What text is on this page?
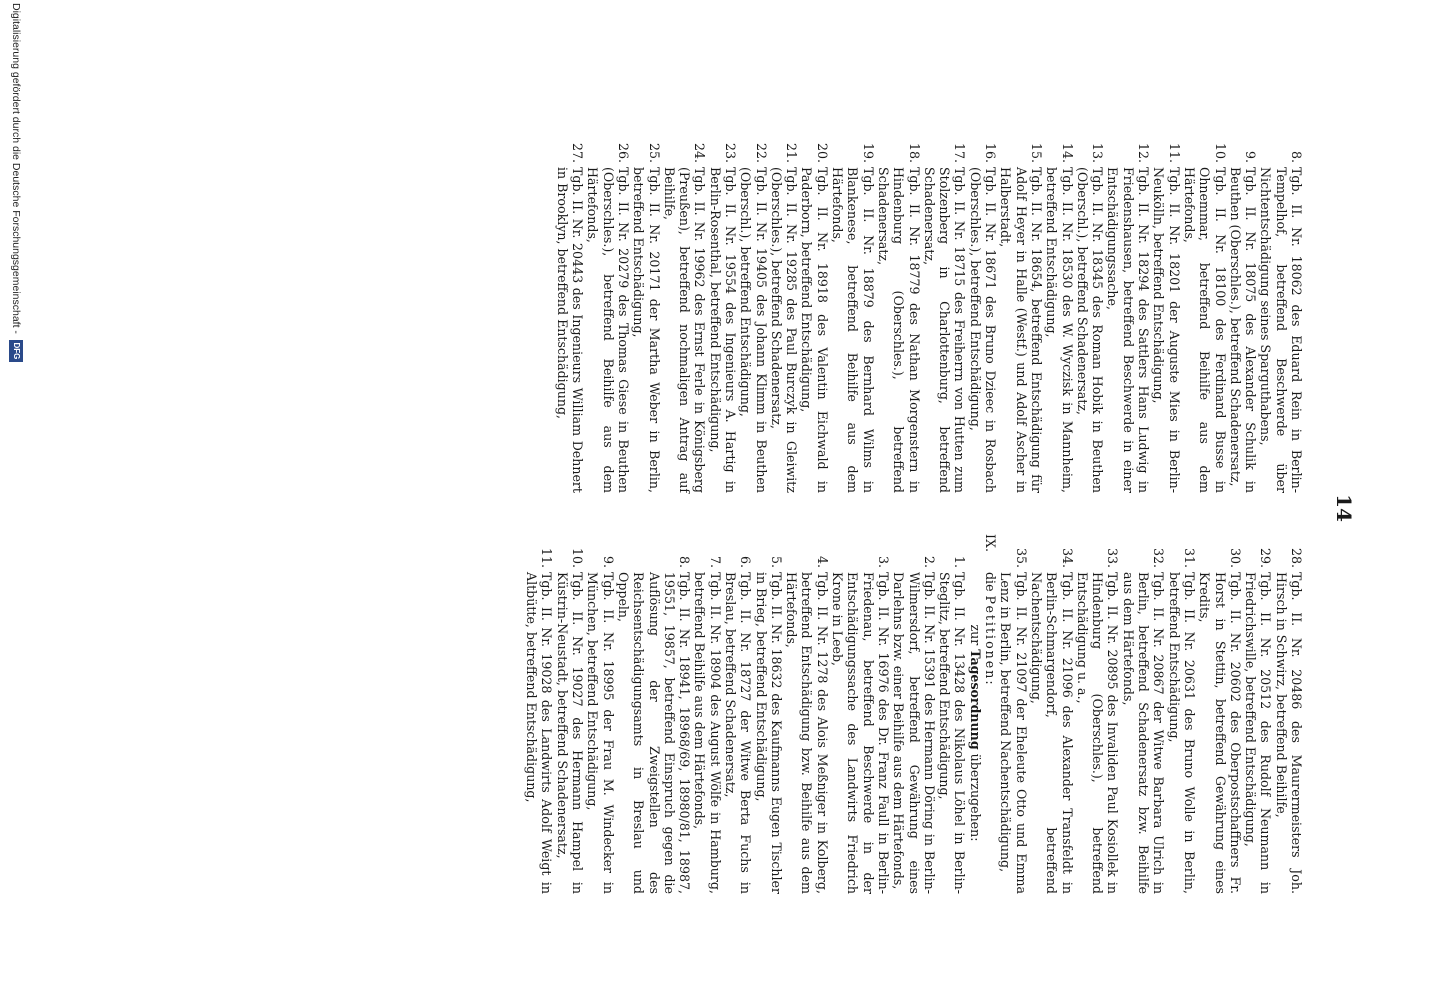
14

8.
Tgb. II. Nr. 18062 des Eduard Rein in Berlin-Tempelhof, betreffend Beschwerde über Nichtentschädigung seines Sparguthabens,

9.
Tgb. II. Nr. 18075 des Alexander Schulik in Beuthen (Oberschles.), betreffend Schadenersatz,

10.
Tgb. II. Nr. 18100 des Ferdinand Busse in Ohnemmar, betreffend Beihilfe aus dem Härtefonds,

11.
Tgb. II. Nr. 18201 der Auguste Mies in Berlin-Neukölln, betreffend Entschädigung,

12.
Tgb. II. Nr. 18294 des Sattlers Hans Ludwig in Friedenshausen, betreffend Beschwerde in einer Entschädigungssache,

13.
Tgb. II. Nr. 18345 des Roman Hobik in Beuthen (Oberschl.), betreffend Schadenersatz,

14.
Tgb. II. Nr. 18530 des W. Wyczisk in Mannheim, betreffend Entschädigung,

15.
Tgb. II. Nr. 18654, betreffend Entschädigung für Adolf Heyer in Halle (Westf.) und Adolf Ascher in Halberstadt,

16.
Tgb. II. Nr. 18671 des Bruno Dzieec in Rosbach (Oberschles.), betreffend Entschädigung,

17.
Tgb. II. Nr. 18715 des Freiherrn von Hutten zum Stolzenberg in Charlottenburg, betreffend Schadenersatz,

18.
Tgb. II. Nr. 18779 des Nathan Morgenstern in Hindenburg (Oberschles.), betreffend Schadenersatz,

19.
Tgb. II. Nr. 18879 des Bernhard Wilms in Blankenese, betreffend Beihilfe aus dem Härtefonds,

20.
Tgb. II. Nr. 18918 des Valentin Eichwald in Paderborn, betreffend Entschädigung,

21.
Tgb. II. Nr. 19285 des Paul Burczyk in Gleiwitz (Oberschles.), betreffend Schadenersatz,

22.
Tgb. II. Nr. 19405 des Johann Klimm in Beuthen (Oberschl.), betreffend Entschädigung,

23.
Tgb. II. Nr. 19554 des Ingenieurs A. Hartig in Berlin-Rosenthal, betreffend Entschädigung,

24.
Tgb. II. Nr. 19962 des Ernst Ferle in Königsberg (Preußen), betreffend nochmaligen Antrag auf Beihilfe,

25.
Tgb. II. Nr. 20171 der Martha Weber in Berlin, betreffend Entschädigung,

26.
Tgb. II. Nr. 20279 des Thomas Giese in Beuthen (Oberschles.), betreffend Beihilfe aus dem Härtefonds,

27.
Tgb. II. Nr. 20443 des Ingenieurs William Dehnert in Brooklyn, betreffend Entschädigung,

28.
Tgb. II. Nr. 20486 des Maurermeisters Joh. Hirsch in Schwirz, betreffend Beihilfe,

29.
Tgb. II. Nr. 20512 des Rudolf Neumann in Friedrichswille, betreffend Entschädigung,

30.
Tgb. II. Nr. 20602 des Oberpostschaffners Fr. Horst in Stettin, betreffend Gewährung eines Kredits,

31.
Tgb. II. Nr. 20631 des Bruno Wolle in Berlin, betreffend Entschädigung,

32.
Tgb. II. Nr. 20867 der Witwe Barbara Ulrich in Berlin, betreffend Schadenersatz bzw. Beihilfe aus dem Härtefonds,

33.
Tgb. II. Nr. 20895 des Invaliden Paul Kosiollek in Hindenburg (Oberschles.), betreffend Entschädigung u. a.,

34.
Tgb. II. Nr. 21096 des Alexander Transfeldt in Berlin-Schmargendorf, betreffend Nachentschädigung,

35.
Tgb. II. Nr. 21097 der Eheleute Otto und Emma Lenz in Berlin, betreffend Nachentschädigung,

IX.
die Petitionen:

zur Tagesordnung überzugehen:

1.
Tgb. II. Nr. 13428 des Nikolaus Löhel in Berlin-Steglitz, betreffend Entschädigung,

2.
Tgb. II. Nr. 15391 des Hermann Döring in Berlin-Wilmersdorf, betreffend Gewährung eines Darlehns bzw. einer Beihilfe aus dem Härtefonds,

3.
Tgb. II. Nr. 16976 des Dr. Franz Faull in Berlin-Friedenau, betreffend Beschwerde in der Entschädigungssache des Landwirts Friedrich Krone in Leeb,

4.
Tgb. II. Nr. 1278 des Alois Meßniger in Kolberg, betreffend Entschädigung bzw. Beihilfe aus dem Härtefonds,

5.
Tgb. II. Nr. 18632 des Kaufmanns Eugen Tischler in Brieg, betreffend Entschädigung,

6.
Tgb. II. Nr. 18727 der Witwe Berta Fuchs in Breslau, betreffend Schadenersatz,

7.
Tgb. II. Nr. 18904 des August Wölfe in Hamburg, betreffend Beihilfe aus dem Härtefonds,

8.
Tgb. II. Nr. 18941, 18968/69, 18980/81, 18987, 19551, 19857, betreffend Einspruch gegen die Auflösung der Zweigstellen des Reichsentschädigungsamts in Breslau und Oppeln,

9.
Tgb. II. Nr. 18995 der Frau M. Windecker in München, betreffend Entschädigung,

10.
Tgb. II. Nr. 19027 des Hermann Hampel in Küstrin-Neustadt, betreffend Schadenersatz,

11.
Tgb. II. Nr. 19028 des Landwirts Adolf Weigt in Altbütte, betreffend Entschädigung,

Digitalisierung gefördert durch die Deutsche Forschungsgemeinschaft -DFG
